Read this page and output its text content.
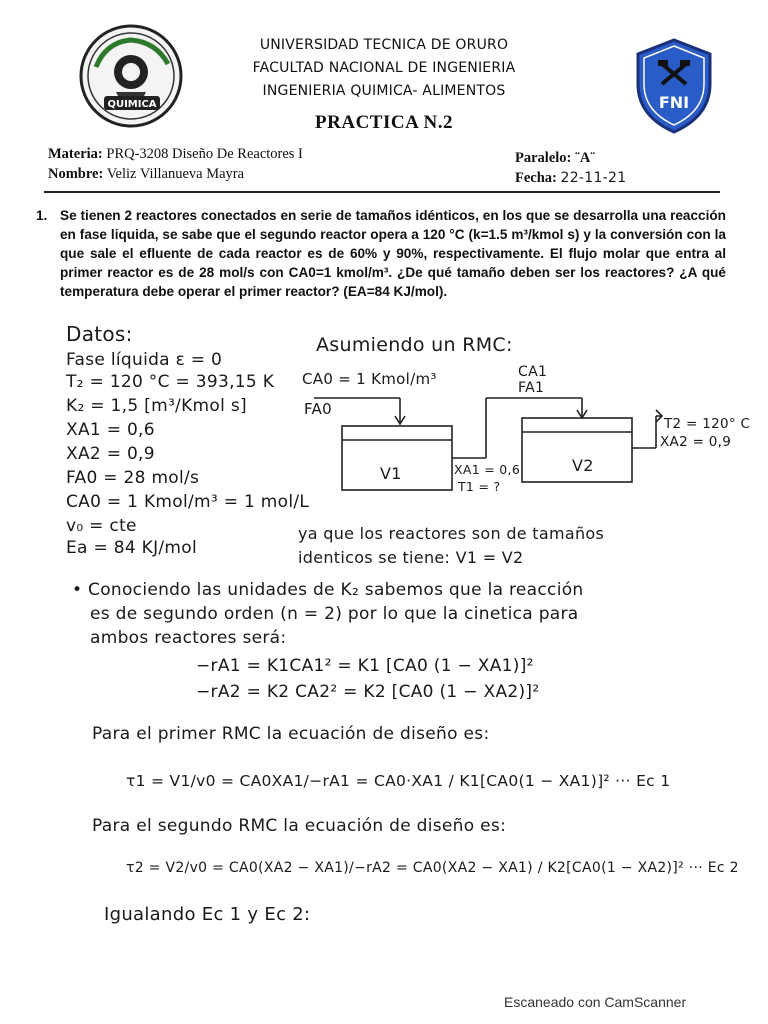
QUIMICA	FNI
UNIVERSIDAD TECNICA DE ORURO
FACULTAD NACIONAL DE INGENIERIA
INGENIERIA QUIMICA- ALIMENTOS
PRACTICA N.2
Materia: PRQ-3208 Diseño De Reactores I
Nombre: Veliz Villanueva Mayra
Paralelo: ¨A¨
Fecha: 22-11-21
1. Se tienen 2 reactores conectados en serie de tamaños idénticos, en los que se desarrolla una reacción en fase liquida, se sabe que el segundo reactor opera a 120 °C (k=1.5 m³/kmol s) y la conversión con la que sale el efluente de cada reactor es de 60% y 90%, respectivamente. El flujo molar que entra al primer reactor es de 28 mol/s con CA0=1 kmol/m³. ¿De qué tamaño deben ser los reactores? ¿A qué temperatura debe operar el primer reactor? (EA=84 KJ/mol).
Datos:
Fase líquida ε = 0
T₂ = 120 °C = 393,15 K
K₂ = 1,5 [m³/Kmol s]
XA1 = 0,6
XA2 = 0,9
FA0 = 28 mol/s
CA0 = 1 Kmol/m³ = 1 mol/L
v₀ = cte
Ea = 84 KJ/mol
Asumiendo un RMC:
CA0 = 1 Kmol/m³
FA0
CA1
FA1
V1	V2
XA1 = 0,6
T1 = ?
T2 = 120° C
XA2 = 0,9
ya que los reactores son de tamaños
identicos se tiene: V1 = V2
• Conociendo las unidades de K₂ sabemos que la reacción
es de segundo orden (n = 2) por lo que la cinetica para
ambos reactores será:
−rA1 = K1CA1² = K1 [CA0 (1 − XA1)]²
−rA2 = K2 CA2² = K2 [CA0 (1 − XA2)]²
Para el primer RMC la ecuación de diseño es:
τ1 = V1/v0 = CA0XA1/−rA1 = CA0·XA1 / K1[CA0(1 − XA1)]² ··· Ec 1
Para el segundo RMC la ecuación de diseño es:
τ2 = V2/v0 = CA0(XA2 − XA1)/−rA2 = CA0(XA2 − XA1) / K2[CA0(1 − XA2)]² ··· Ec 2
Igualando Ec 1 y Ec 2:
Escaneado con CamScanner
